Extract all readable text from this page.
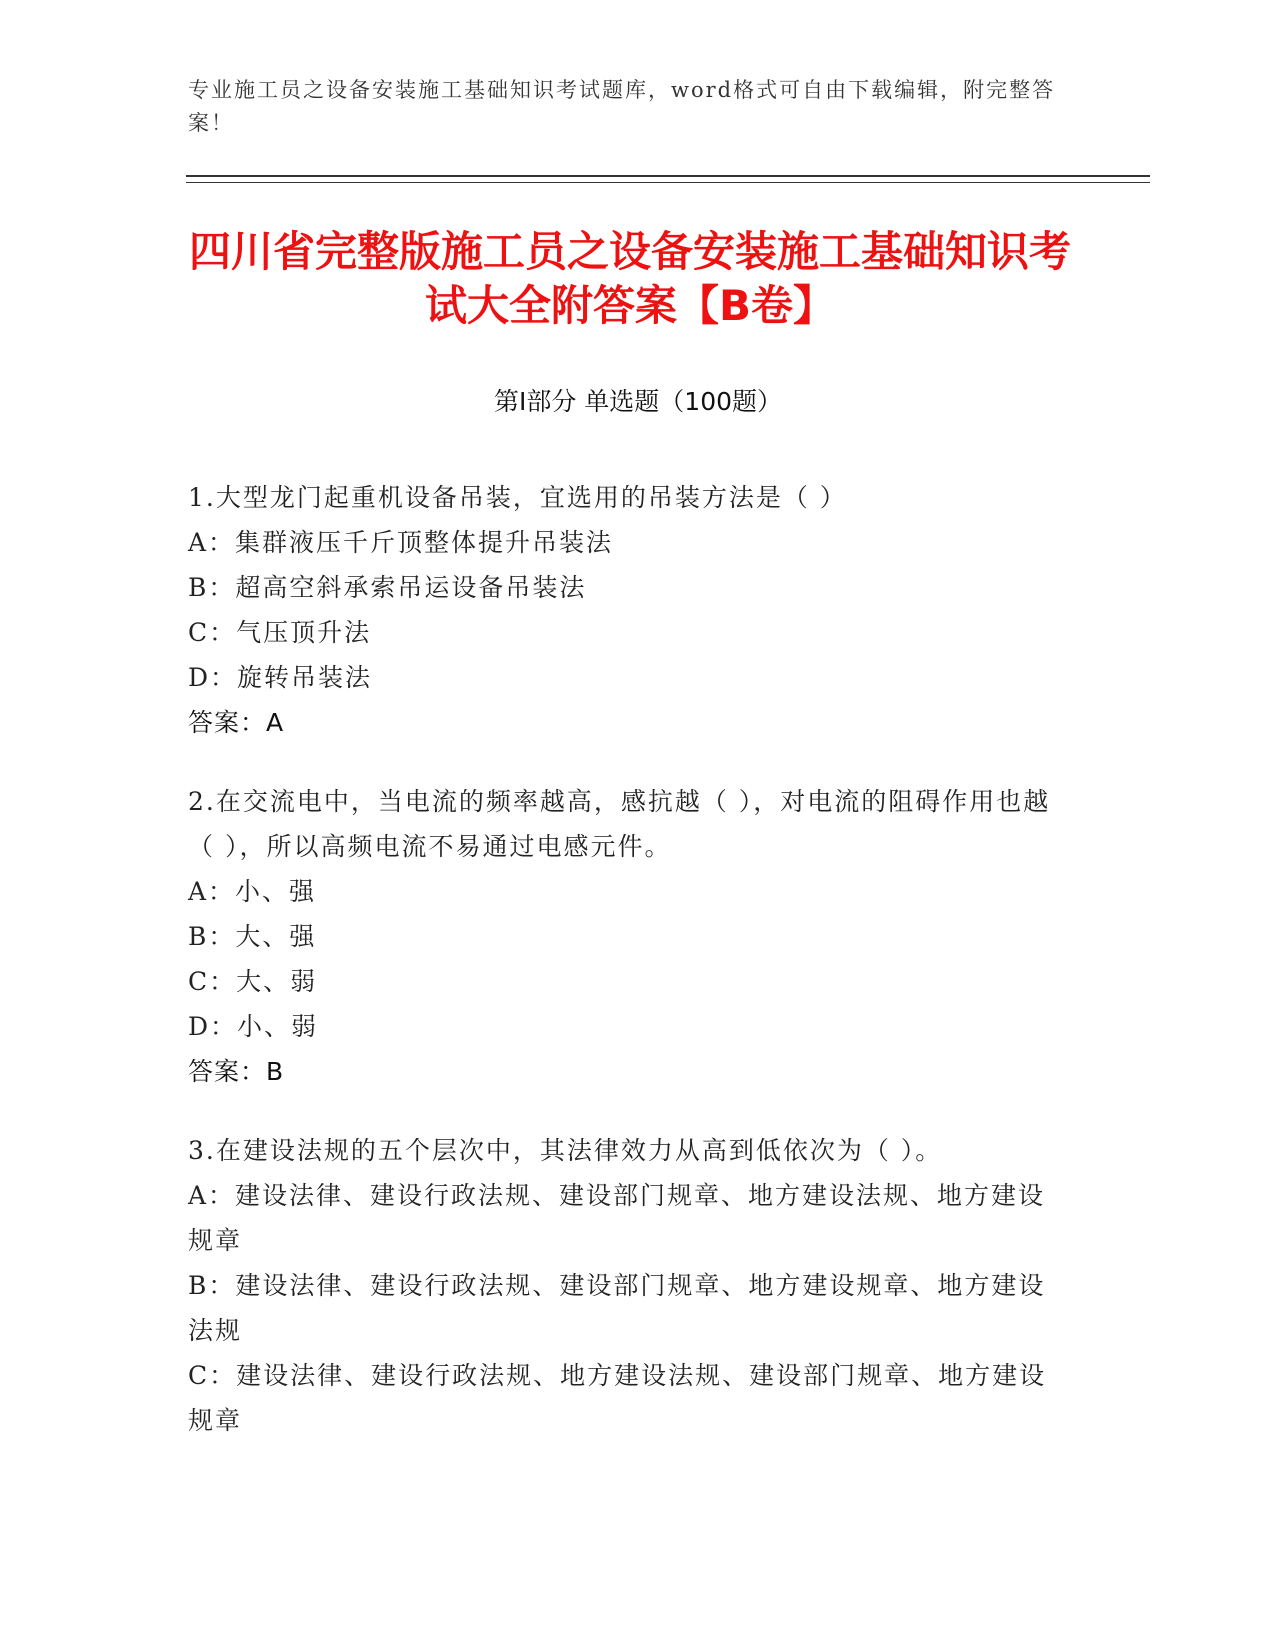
专业施工员之设备安装施工基础知识考试题库，word格式可自由下载编辑，附完整答案！

四川省完整版施工员之设备安装施工基础知识考试大全附答案【B卷】
第Ⅰ部分 单选题（100题）

1.大型龙门起重机设备吊装，宜选用的吊装方法是（ ）

A：集群液压千斤顶整体提升吊装法

B：超高空斜承索吊运设备吊装法

C：气压顶升法

D：旋转吊装法

答案：A

2.在交流电中，当电流的频率越高，感抗越（ ），对电流的阻碍作用也越（ ），所以高频电流不易通过电感元件。

A：小、强

B：大、强

C：大、弱

D：小、弱

答案：B

3.在建设法规的五个层次中，其法律效力从高到低依次为（ ）。

A：建设法律、建设行政法规、建设部门规章、地方建设法规、地方建设规章

B：建设法律、建设行政法规、建设部门规章、地方建设规章、地方建设法规

C：建设法律、建设行政法规、地方建设法规、建设部门规章、地方建设规章
